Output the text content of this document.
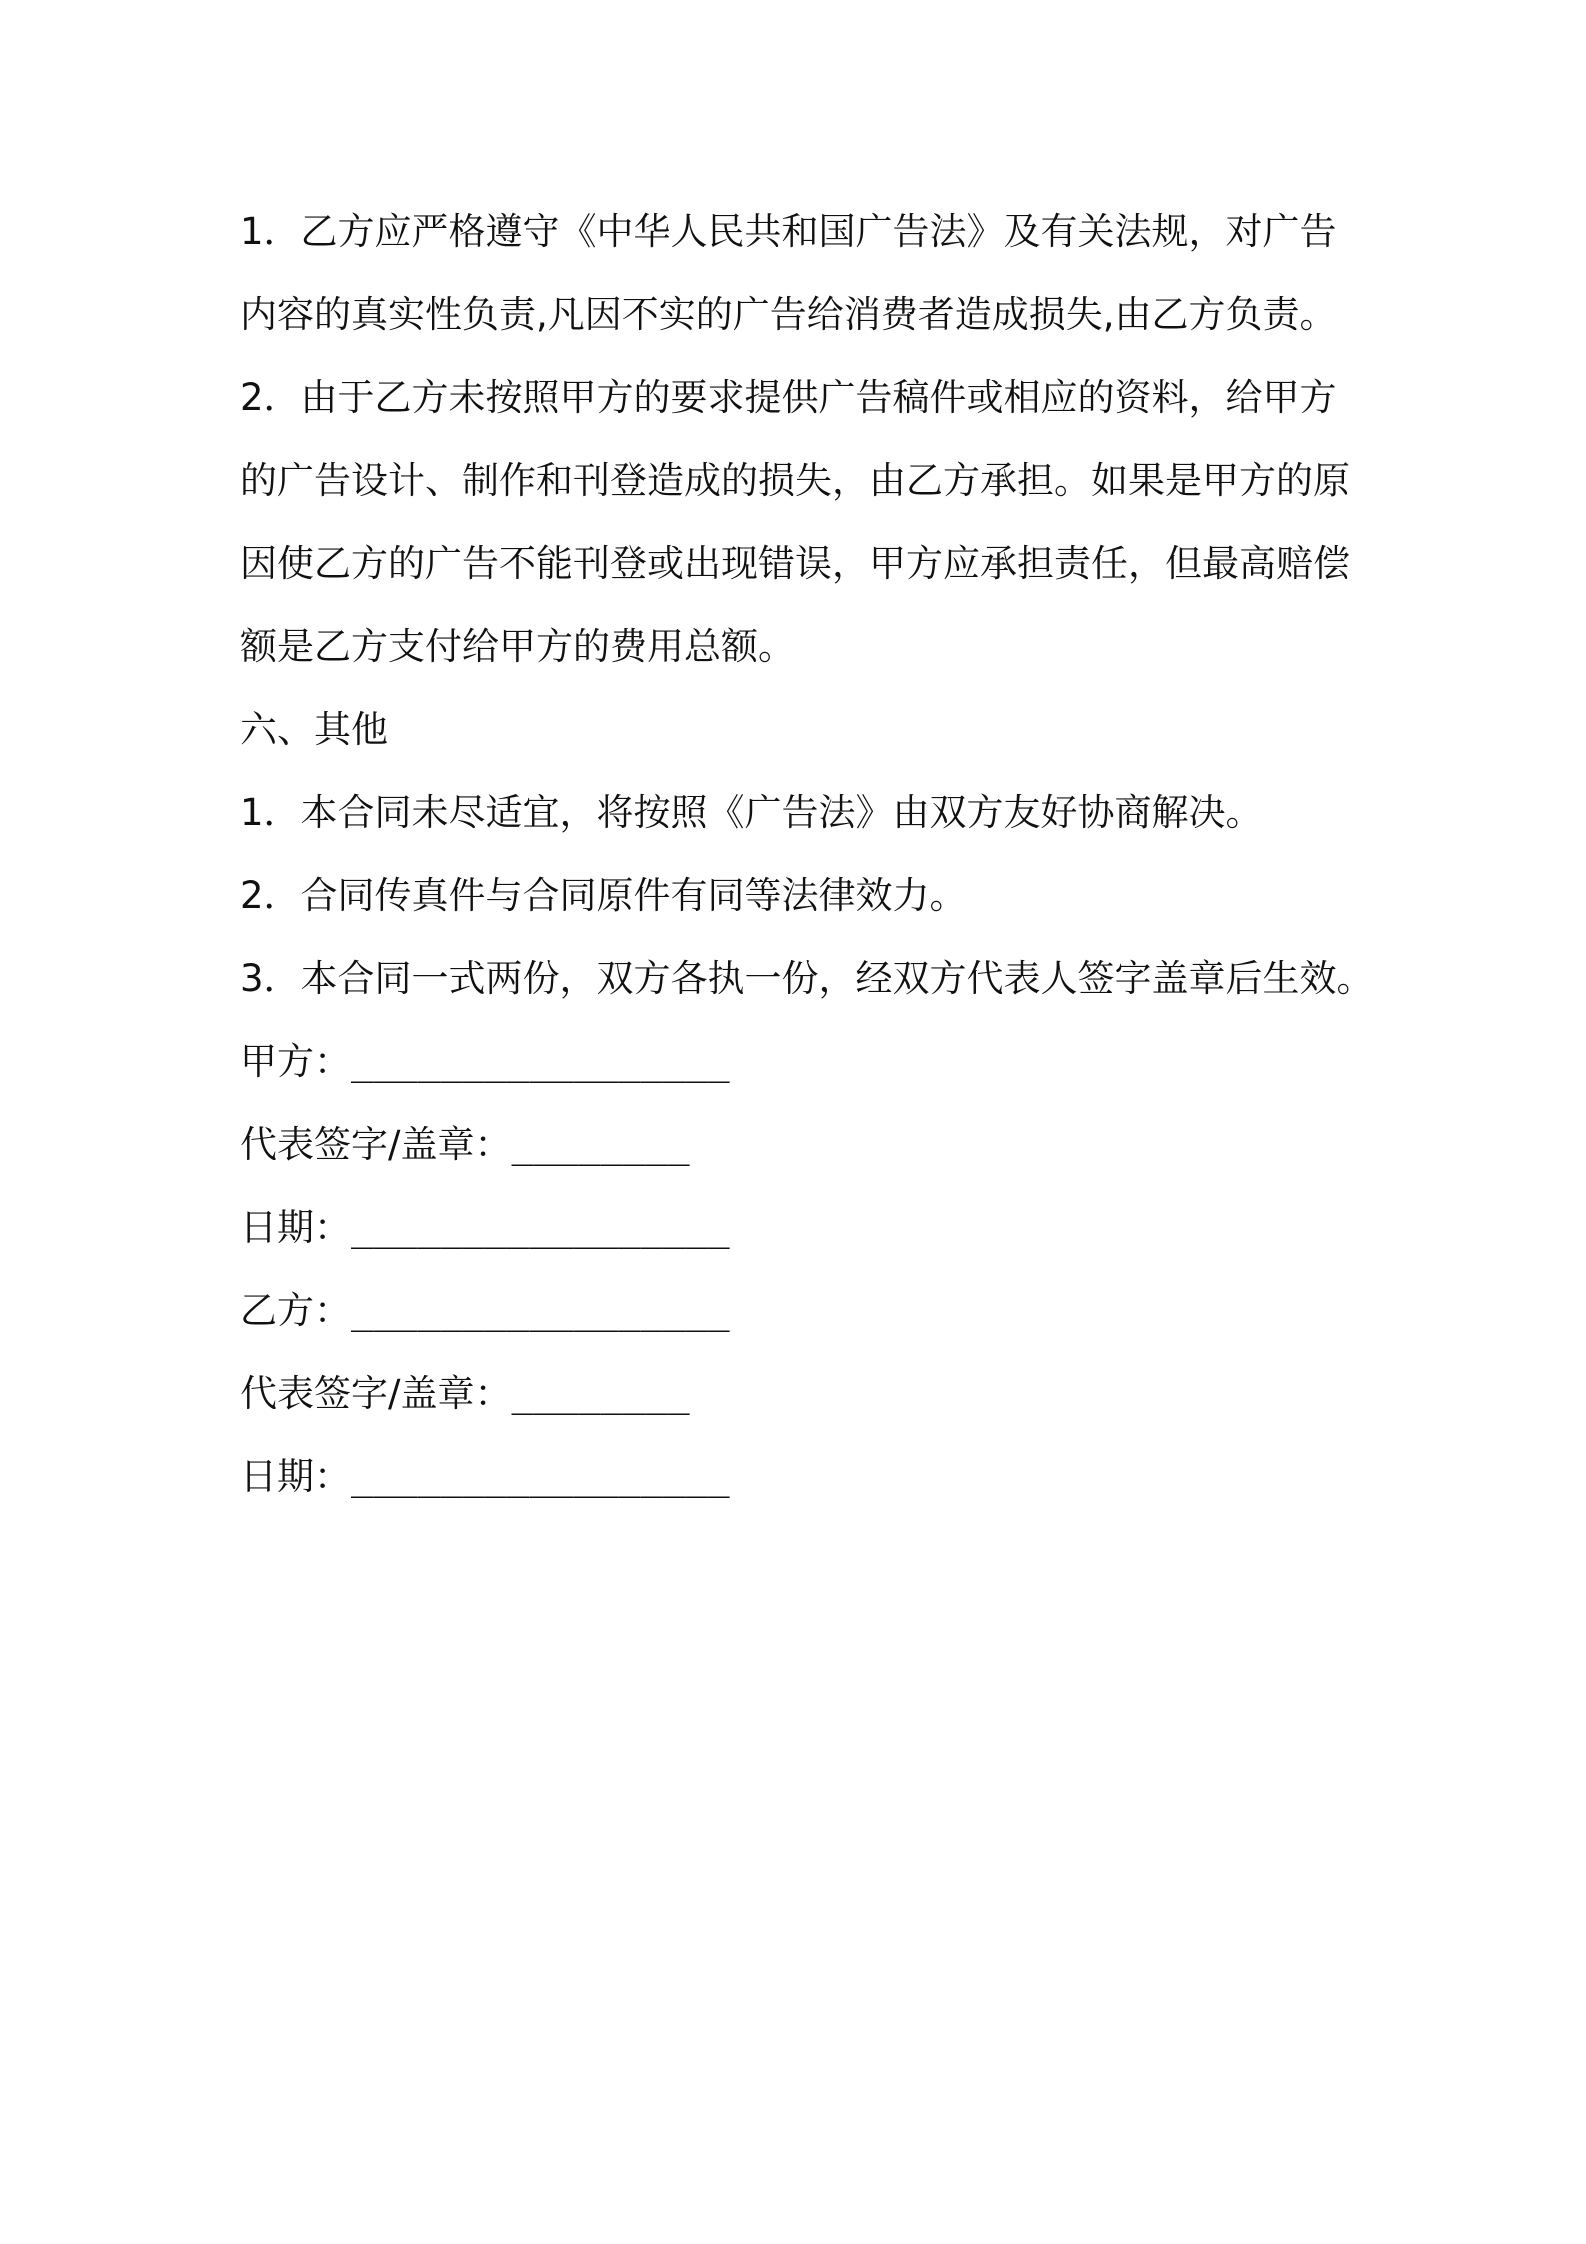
1．乙方应严格遵守《中华人民共和国广告法》及有关法规，对广告
内容的真实性负责,凡因不实的广告给消费者造成损失,由乙方负责。
2．由于乙方未按照甲方的要求提供广告稿件或相应的资料，给甲方
的广告设计、制作和刊登造成的损失，由乙方承担。如果是甲方的原
因使乙方的广告不能刊登或出现错误，甲方应承担责任，但最高赔偿
额是乙方支付给甲方的费用总额。
六、其他
1．本合同未尽适宜，将按照《广告法》由双方友好协商解决。
2．合同传真件与合同原件有同等法律效力。
3．本合同一式两份，双方各执一份，经双方代表人签字盖章后生效。
甲方：_________________
代表签字/盖章：________
日期：_________________
乙方：_________________
代表签字/盖章：________
日期：_________________
